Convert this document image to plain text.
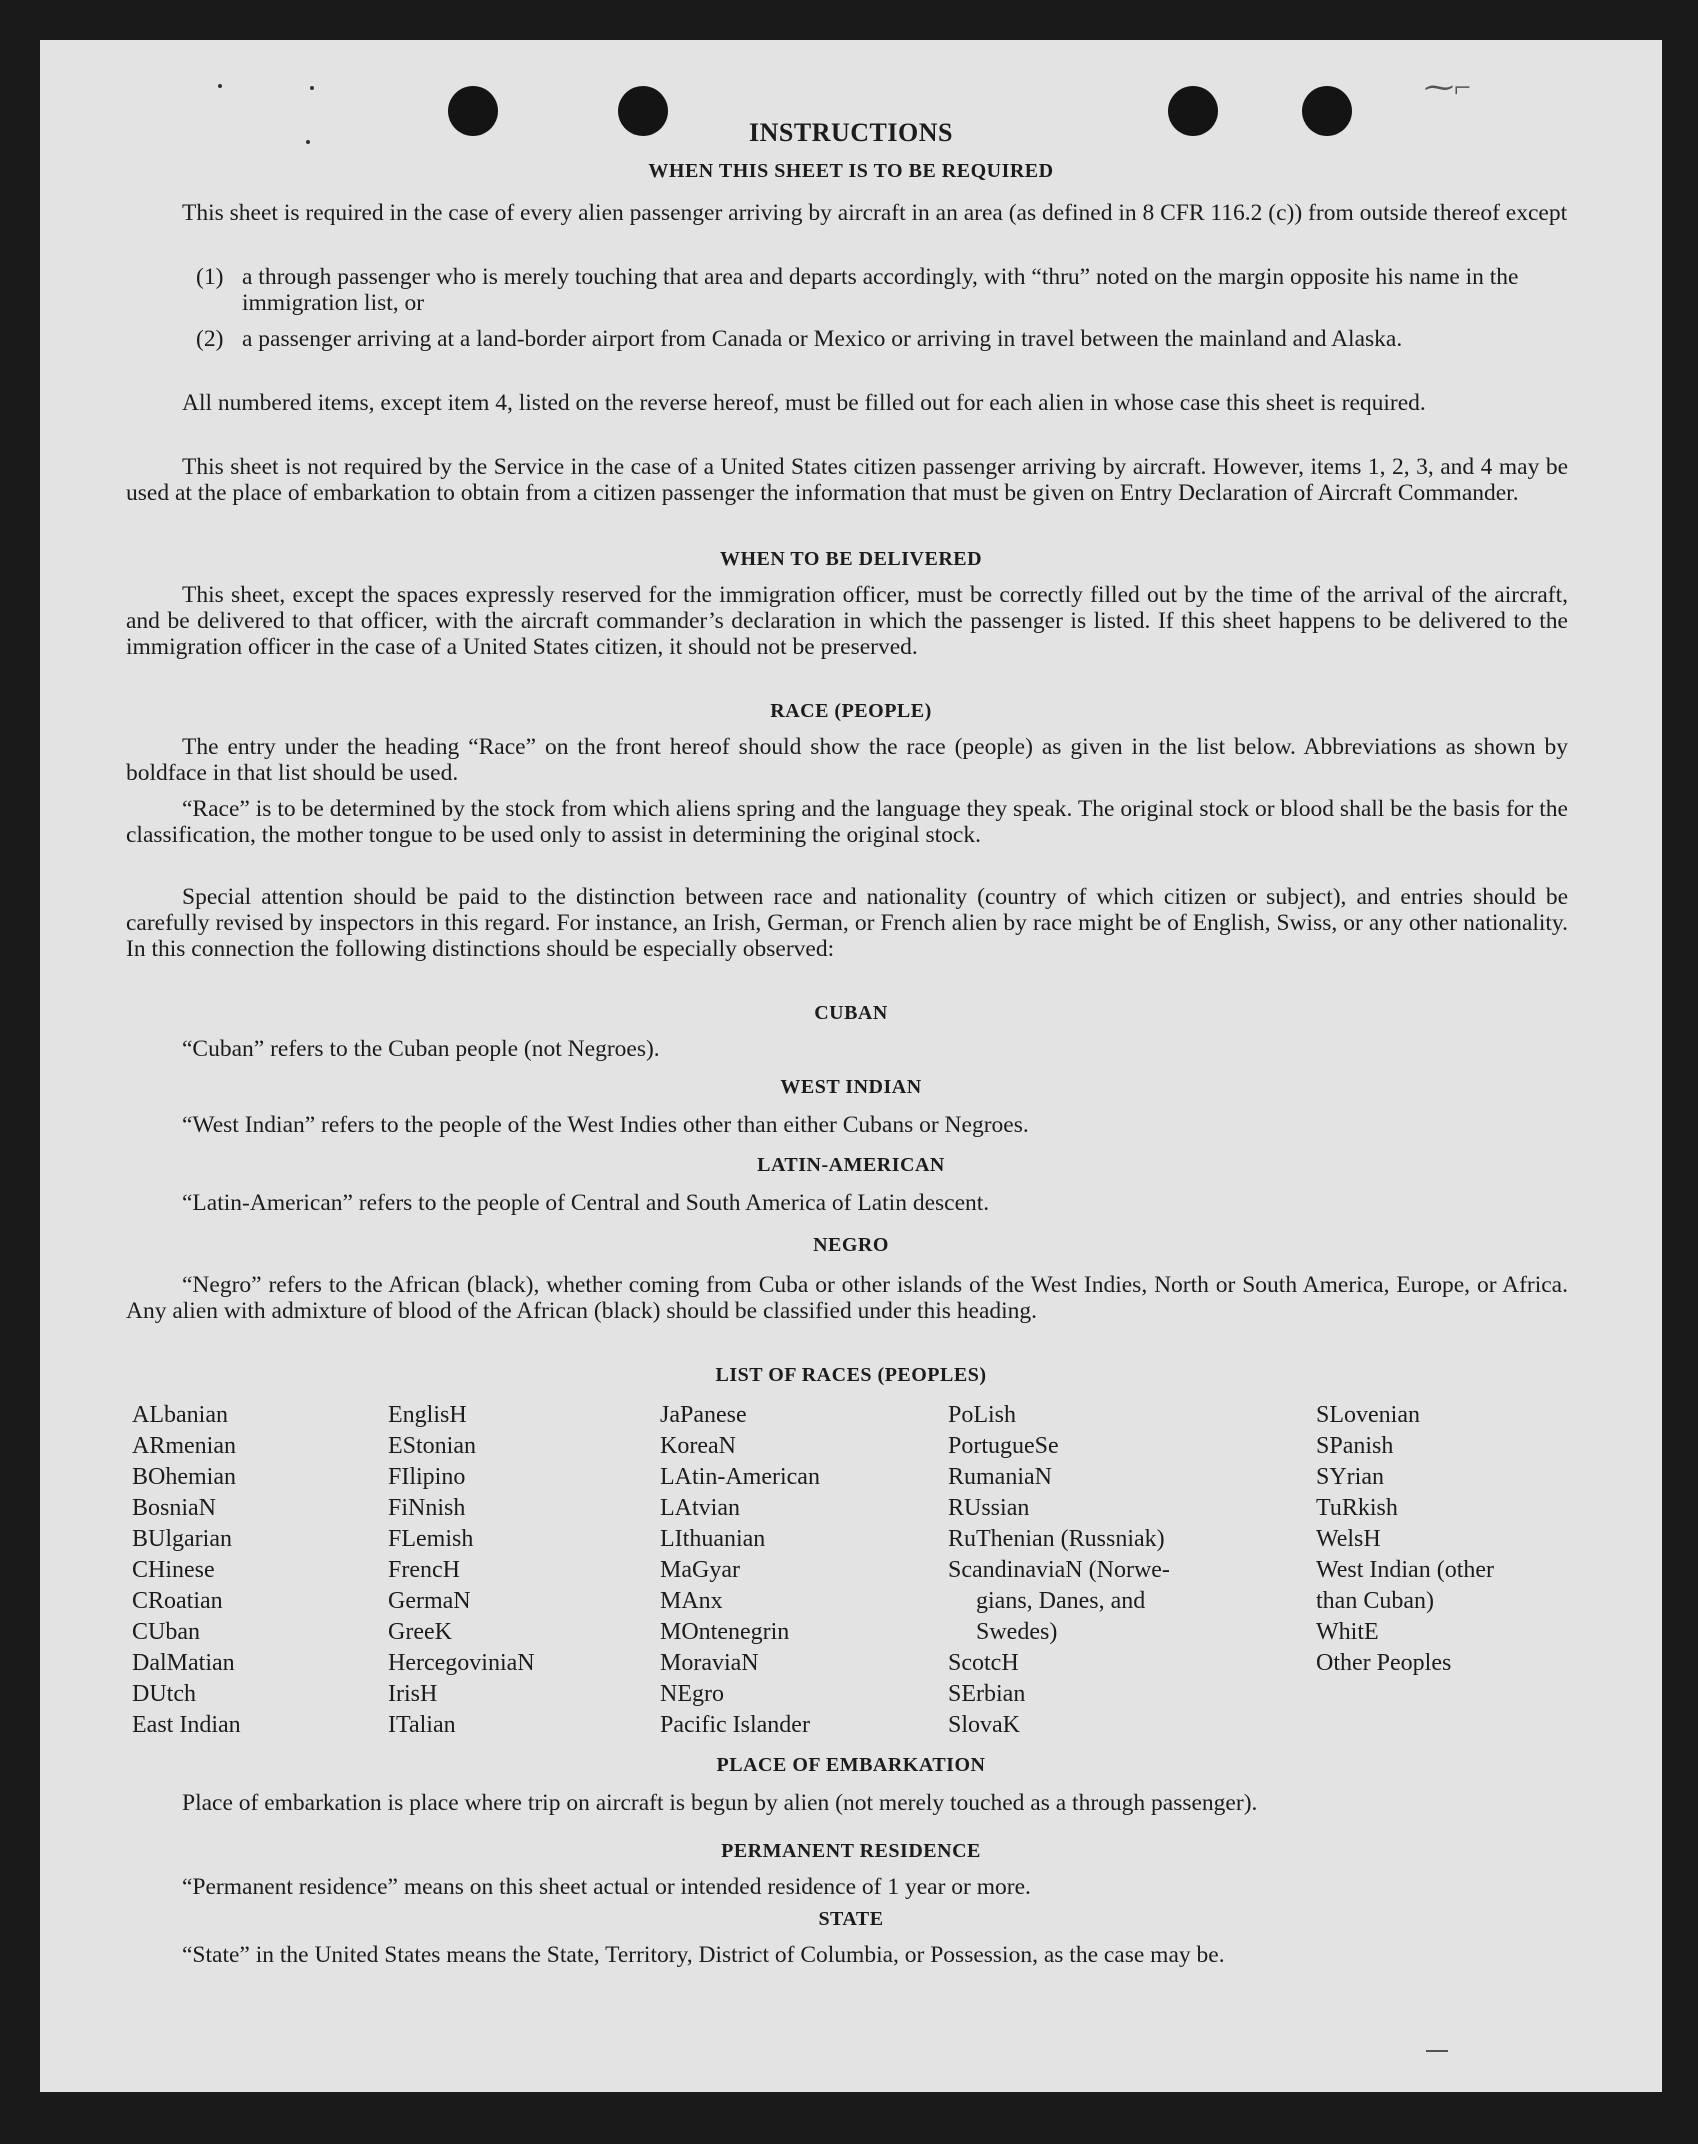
⁓⌐
INSTRUCTIONS
WHEN THIS SHEET IS TO BE REQUIRED
This sheet is required in the case of every alien passenger arriving by aircraft in an area (as defined in 8 CFR 116.2 (c)) from outside thereof except
(1) a through passenger who is merely touching that area and departs accordingly, with “thru” noted on the margin opposite his name in the immigration list, or
(2) a passenger arriving at a land-border airport from Canada or Mexico or arriving in travel between the mainland and Alaska.
All numbered items, except item 4, listed on the reverse hereof, must be filled out for each alien in whose case this sheet is required.
This sheet is not required by the Service in the case of a United States citizen passenger arriving by aircraft. However, items 1, 2, 3, and 4 may be used at the place of embarkation to obtain from a citizen passenger the information that must be given on Entry Declaration of Aircraft Commander.
WHEN TO BE DELIVERED
This sheet, except the spaces expressly reserved for the immigration officer, must be correctly filled out by the time of the arrival of the aircraft, and be delivered to that officer, with the aircraft commander’s declaration in which the passenger is listed. If this sheet happens to be delivered to the immigration officer in the case of a United States citizen, it should not be preserved.
RACE (PEOPLE)
The entry under the heading “Race” on the front hereof should show the race (people) as given in the list below. Abbreviations as shown by boldface in that list should be used.
“Race” is to be determined by the stock from which aliens spring and the language they speak. The original stock or blood shall be the basis for the classification, the mother tongue to be used only to assist in determining the original stock.
Special attention should be paid to the distinction between race and nationality (country of which citizen or subject), and entries should be carefully revised by inspectors in this regard. For instance, an Irish, German, or French alien by race might be of English, Swiss, or any other nationality. In this connection the following distinctions should be especially observed:
CUBAN
“Cuban” refers to the Cuban people (not Negroes).
WEST INDIAN
“West Indian” refers to the people of the West Indies other than either Cubans or Negroes.
LATIN-AMERICAN
“Latin-American” refers to the people of Central and South America of Latin descent.
NEGRO
“Negro” refers to the African (black), whether coming from Cuba or other islands of the West Indies, North or South America, Europe, or Africa. Any alien with admixture of blood of the African (black) should be classified under this heading.
LIST OF RACES (PEOPLES)
ALbanian
ARmenian
BOhemian
BosniaN
BUlgarian
CHinese
CRoatian
CUban
DalMatian
DUtch
East Indian
EnglisH
EStonian
FIlipino
FiNnish
FLemish
FrencH
GermaN
GreeK
HercegoviniaN
IrisH
ITalian
JaPanese
KoreaN
LAtin-American
LAtvian
LIthuanian
MaGyar
MAnx
MOntenegrin
MoraviaN
NEgro
Pacific Islander
PoLish
PortugueSe
RumaniaN
RUssian
RuThenian (Russniak)
ScandinaviaN (Norwe-
gians, Danes, and
Swedes)
ScotcH
SErbian
SlovaK
SLovenian
SPanish
SYrian
TuRkish
WelsH
West Indian (other
than Cuban)
WhitE
Other Peoples
PLACE OF EMBARKATION
Place of embarkation is place where trip on aircraft is begun by alien (not merely touched as a through passenger).
PERMANENT RESIDENCE
“Permanent residence” means on this sheet actual or intended residence of 1 year or more.
STATE
“State” in the United States means the State, Territory, District of Columbia, or Possession, as the case may be.
